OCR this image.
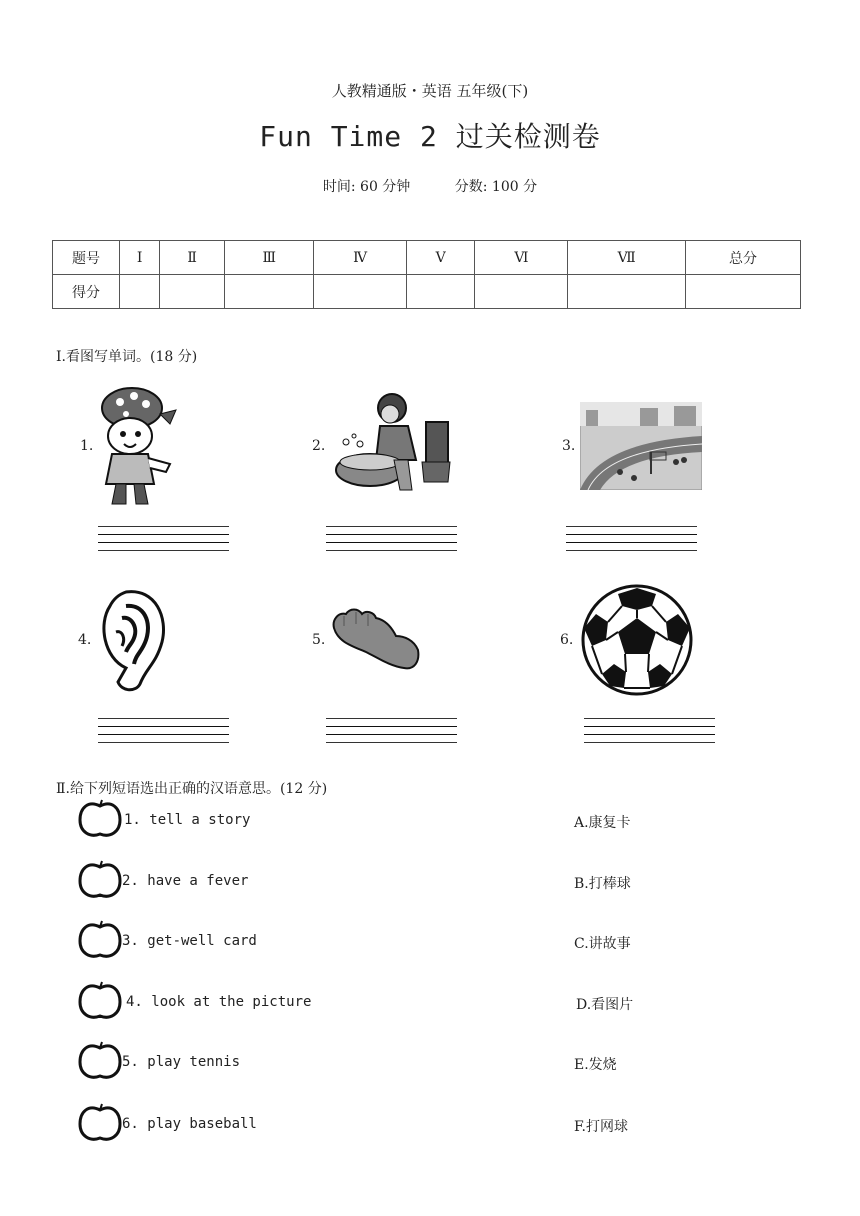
人教精通版・英语 五年级(下)
Fun Time 2 过关检测卷
时间: 60 分钟	分数: 100 分
题号	Ⅰ	Ⅱ	Ⅲ	Ⅳ	Ⅴ	Ⅵ	Ⅶ	总分
得分								
Ⅰ.看图写单词。(18 分)
1.	2.	3.
4.	5.	6.
Ⅱ.给下列短语选出正确的汉语意思。(12 分)
1. tell a story
2. have a fever
3. get-well card
4. look at the picture
5. play tennis
6. play baseball
A.康复卡
B.打棒球
C.讲故事
D.看图片
E.发烧
F.打网球
